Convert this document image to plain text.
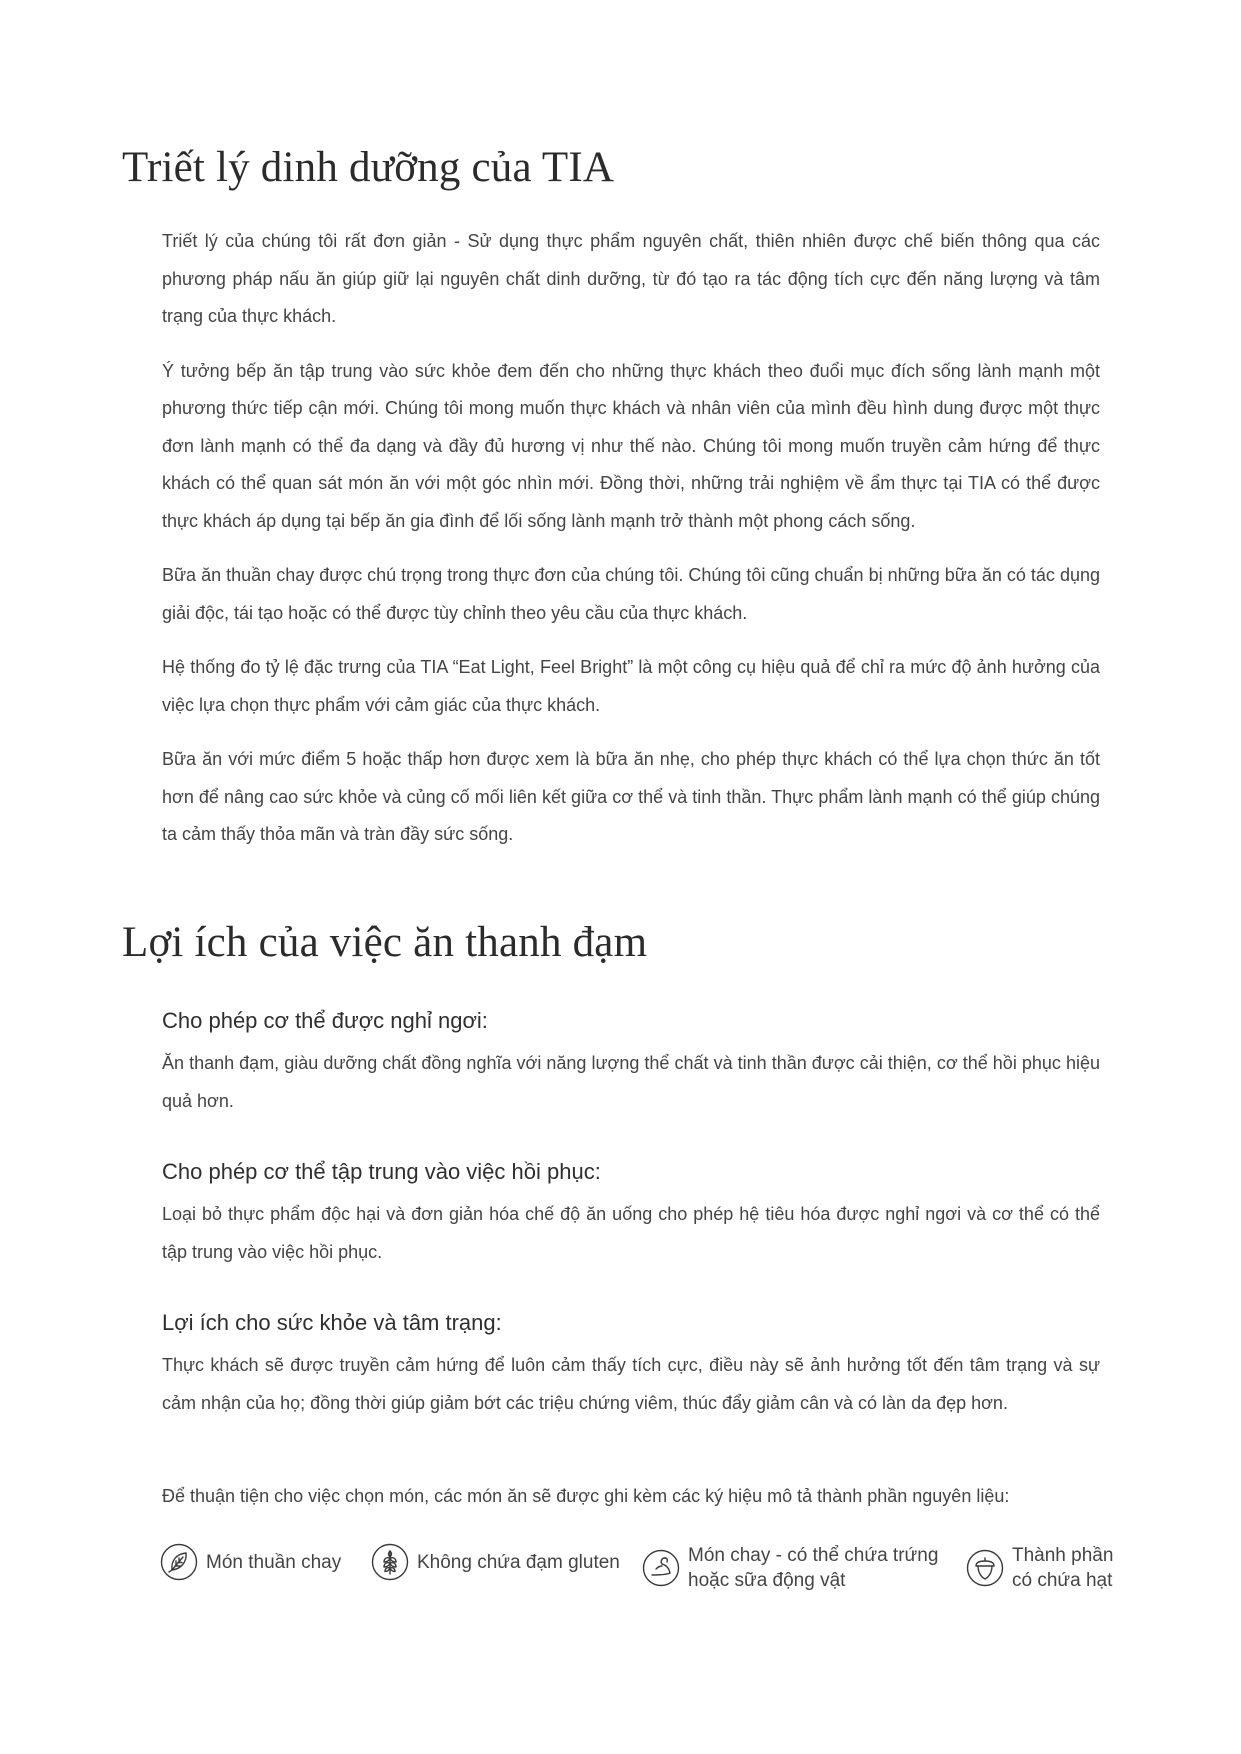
Triết lý dinh dưỡng của TIA

Triết lý của chúng tôi rất đơn giản - Sử dụng thực phẩm nguyên chất, thiên nhiên được chế biến thông qua các phương pháp nấu ăn giúp giữ lại nguyên chất dinh dưỡng, từ đó tạo ra tác động tích cực đến năng lượng và tâm trạng của thực khách.

Ý tưởng bếp ăn tập trung vào sức khỏe đem đến cho những thực khách theo đuổi mục đích sống lành mạnh một phương thức tiếp cận mới. Chúng tôi mong muốn thực khách và nhân viên của mình đều hình dung được một thực đơn lành mạnh có thể đa dạng và đầy đủ hương vị như thế nào. Chúng tôi mong muốn truyền cảm hứng để thực khách có thể quan sát món ăn với một góc nhìn mới. Đồng thời, những trải nghiệm về ẩm thực tại TIA có thể được thực khách áp dụng tại bếp ăn gia đình để lối sống lành mạnh trở thành một phong cách sống.

Bữa ăn thuần chay được chú trọng trong thực đơn của chúng tôi. Chúng tôi cũng chuẩn bị những bữa ăn có tác dụng giải độc, tái tạo hoặc có thể được tùy chỉnh theo yêu cầu của thực khách.

Hệ thống đo tỷ lệ đặc trưng của TIA “Eat Light, Feel Bright” là một công cụ hiệu quả để chỉ ra mức độ ảnh hưởng của việc lựa chọn thực phẩm với cảm giác của thực khách.

Bữa ăn với mức điểm 5 hoặc thấp hơn được xem là bữa ăn nhẹ, cho phép thực khách có thể lựa chọn thức ăn tốt hơn để nâng cao sức khỏe và củng cố mối liên kết giữa cơ thể và tinh thần. Thực phẩm lành mạnh có thể giúp chúng ta cảm thấy thỏa mãn và tràn đầy sức sống.

Lợi ích của việc ăn thanh đạm
Cho phép cơ thể được nghỉ ngơi:

Ăn thanh đạm, giàu dưỡng chất đồng nghĩa với năng lượng thể chất và tinh thần được cải thiện, cơ thể hồi phục hiệu quả hơn.

Cho phép cơ thể tập trung vào việc hồi phục:

Loại bỏ thực phẩm độc hại và đơn giản hóa chế độ ăn uống cho phép hệ tiêu hóa được nghỉ ngơi và cơ thể có thể tập trung vào việc hồi phục.

Lợi ích cho sức khỏe và tâm trạng:

Thực khách sẽ được truyền cảm hứng để luôn cảm thấy tích cực, điều này sẽ ảnh hưởng tốt đến tâm trạng và sự cảm nhận của họ; đồng thời giúp giảm bớt các triệu chứng viêm, thúc đẩy giảm cân và có làn da đẹp hơn.

Để thuận tiện cho việc chọn món, các món ăn sẽ được ghi kèm các ký hiệu mô tả thành phần nguyên liệu:

Món thuần chay	Không chứa đạm gluten	Món chay - có thể chứa trứng
hoặc sữa động vật
Thành phần
có chứa hạt
